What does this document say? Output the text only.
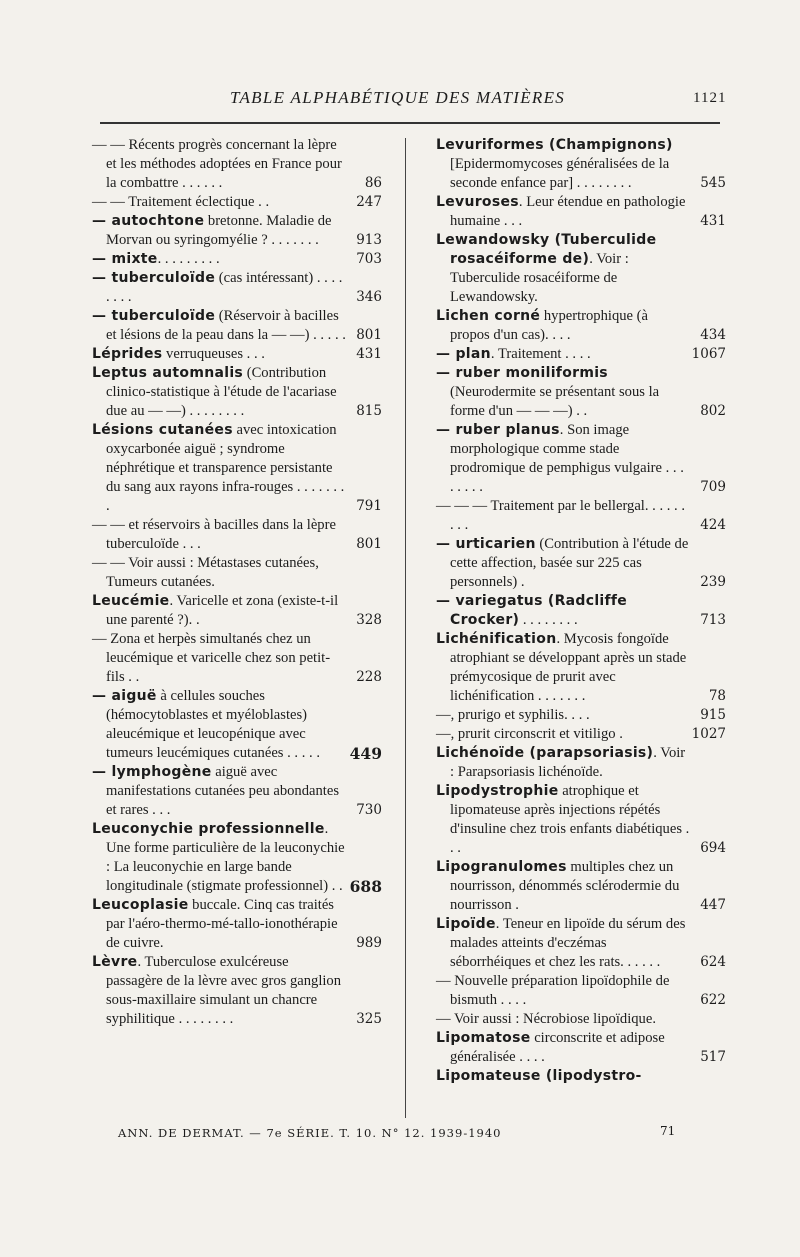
TABLE ALPHABÉTIQUE DES MATIÈRES	1121
— — Récents progrès concernant la lèpre et les méthodes adoptées en France pour la combattre . . . . . .	86
— — Traitement éclectique . .	247
— autochtone bretonne. Maladie de Morvan ou syringomyélie ? . . . . . . .	913
— mixte. . . . . . . . .	703
— tuberculoïde (cas intéressant) . . . . . . . .	346
— tuberculoïde (Réservoir à bacilles et lésions de la peau dans la — —) . . . . . 801
Léprides verruqueuses . . .	431
Leptus automnalis (Contribution clinico-statistique à l'étude de l'acariase due au — —) . . . . . . . .	815
Lésions cutanées avec intoxication oxycarbonée aiguë ; syndrome néphrétique et transparence persistante du sang aux rayons infra-rouges . . . . . . . .	791
— — et réservoirs à bacilles dans la lèpre tuberculoïde . . .	801
— — Voir aussi : Métastases cutanées, Tumeurs cutanées.
Leucémie. Varicelle et zona (existe-t-il une parenté ?). .	328
— Zona et herpès simultanés chez un leucémique et varicelle chez son petit-fils . .	228
— aiguë à cellules souches (hémocytoblastes et myéloblastes) aleucémique et leucopénique avec tumeurs leucémiques cutanées . . . . . 449
— lymphogène aiguë avec manifestations cutanées peu abondantes et rares . . .	730
Leuconychie professionnelle. Une forme particulière de la leuconychie : La leuconychie en large bande longitudinale (stigmate professionnel) . . 688
Leucoplasie buccale. Cinq cas traités par l'aéro-thermo-mé-tallo-ionothérapie de cuivre.	989
Lèvre. Tuberculose exulcéreuse passagère de la lèvre avec gros ganglion sous-maxillaire simulant un chancre syphilitique . . . . . . . .	325
Levuriformes (Champignons) [Epidermomycoses généralisées de la seconde enfance par] . . . . . . . .	545
Levuroses. Leur étendue en pathologie humaine . . .	431
Lewandowsky (Tuberculide rosacéiforme de). Voir : Tuberculide rosacéiforme de Lewandowsky.
Lichen corné hypertrophique (à propos d'un cas). . . .	434
— plan. Traitement . . . .	1067
— ruber moniliformis (Neurodermite se présentant sous la forme d'un — — —) . .	802
— ruber planus. Son image morphologique comme stade prodromique de pemphigus vulgaire . . . . . . . .	709
— — — Traitement par le bellergal. . . . . . . . .	424
— urticarien (Contribution à l'étude de cette affection, basée sur 225 cas personnels) .	239
— variegatus (Radcliffe Crocker) . . . . . . . .	713
Lichénification. Mycosis fongoïde atrophiant se développant après un stade prémycosique de prurit avec lichénification . . . . . . .	78
—, prurigo et syphilis. . . .	915
—, prurit circonscrit et vitiligo .	1027
Lichénoïde (parapsoriasis). Voir : Parapsoriasis lichénoïde.
Lipodystrophie atrophique et lipomateuse après injections répétés d'insuline chez trois enfants diabétiques . . .	694
Lipogranulomes multiples chez un nourrisson, dénommés sclérodermie du nourrisson .	447
Lipoïde. Teneur en lipoïde du sérum des malades atteints d'eczémas séborrhéiques et chez les rats. . . . . .	624
— Nouvelle préparation lipoïdophile de bismuth . . . .	622
— Voir aussi : Nécrobiose lipoïdique.
Lipomatose circonscrite et adipose généralisée . . . .	517
Lipomateuse (lipodystro-
ANN. DE DERMAT. — 7e SÉRIE. T. 10. N° 12. 1939-1940	71
